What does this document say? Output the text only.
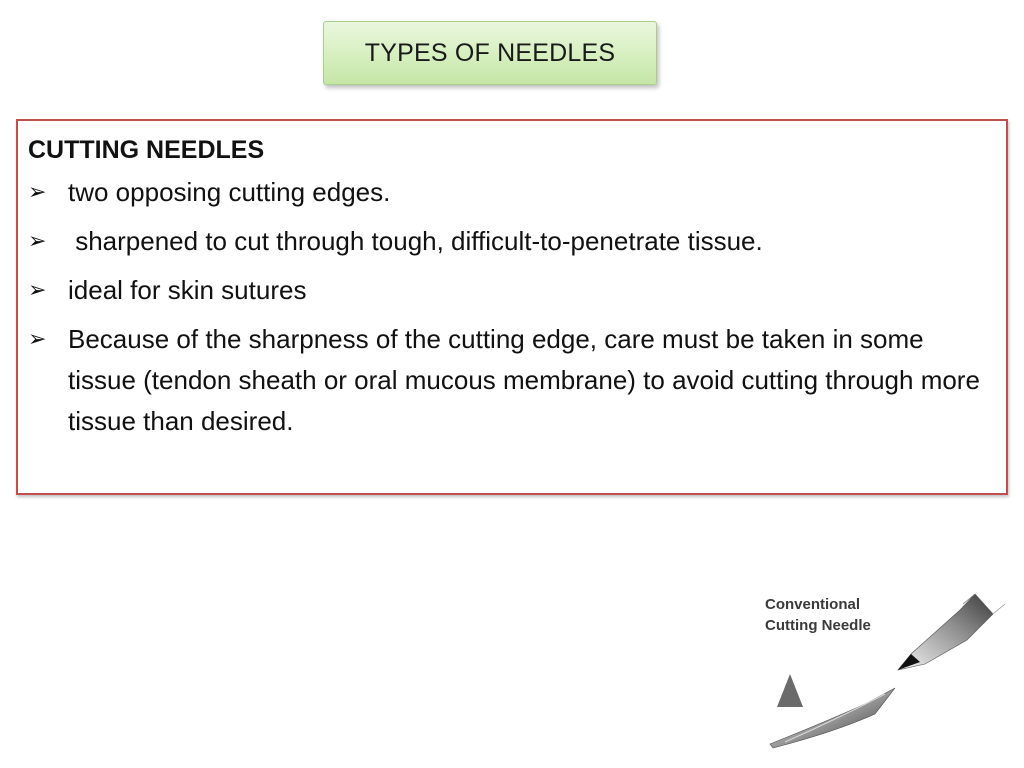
TYPES OF NEEDLES
CUTTING NEEDLES
➢ two opposing cutting edges.
➢ sharpened to cut through tough, difficult-to-penetrate tissue.
➢ ideal for skin sutures
➢ Because of the sharpness of the cutting edge, care must be taken in some tissue (tendon sheath or oral mucous membrane) to avoid cutting through more tissue than desired.
Conventional
Cutting Needle
